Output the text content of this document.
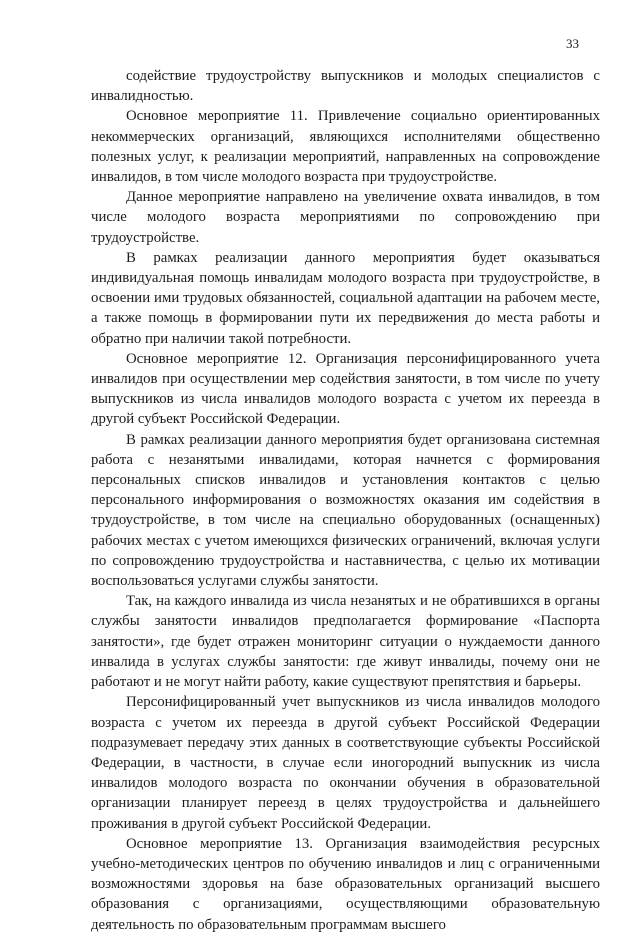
33

содействие трудоустройству выпускников и молодых специалистов с инвалидностью.

Основное мероприятие 11. Привлечение социально ориентированных некоммерческих организаций, являющихся исполнителями общественно полезных услуг, к реализации мероприятий, направленных на сопровождение инвалидов, в том числе молодого возраста при трудоустройстве.

Данное мероприятие направлено на увеличение охвата инвалидов, в том числе молодого возраста мероприятиями по сопровождению при трудоустройстве.

В рамках реализации данного мероприятия будет оказываться индивидуальная помощь инвалидам молодого возраста при трудоустройстве, в освоении ими трудовых обязанностей, социальной адаптации на рабочем месте, а также помощь в формировании пути их передвижения до места работы и обратно при наличии такой потребности.

Основное мероприятие 12. Организация персонифицированного учета инвалидов при осуществлении мер содействия занятости, в том числе по учету выпускников из числа инвалидов молодого возраста с учетом их переезда в другой субъект Российской Федерации.

В рамках реализации данного мероприятия будет организована системная работа с незанятыми инвалидами, которая начнется с формирования персональных списков инвалидов и установления контактов с целью персонального информирования о возможностях оказания им содействия в трудоустройстве, в том числе на специально оборудованных (оснащенных) рабочих местах с учетом имеющихся физических ограничений, включая услуги по сопровождению трудоустройства и наставничества, с целью их мотивации воспользоваться услугами службы занятости.

Так, на каждого инвалида из числа незанятых и не обратившихся в органы службы занятости инвалидов предполагается формирование «Паспорта занятости», где будет отражен мониторинг ситуации о нуждаемости данного инвалида в услугах службы занятости: где живут инвалиды, почему они не работают и не могут найти работу, какие существуют препятствия и барьеры.

Персонифицированный учет выпускников из числа инвалидов молодого возраста с учетом их переезда в другой субъект Российской Федерации подразумевает передачу этих данных в соответствующие субъекты Российской Федерации, в частности, в случае если иногородний выпускник из числа инвалидов молодого возраста по окончании обучения в образовательной организации планирует переезд в целях трудоустройства и дальнейшего проживания в другой субъект Российской Федерации.

Основное мероприятие 13. Организация взаимодействия ресурсных учебно-методических центров по обучению инвалидов и лиц с ограниченными возможностями здоровья на базе образовательных организаций высшего образования с организациями, осуществляющими образовательную деятельность по образовательным программам высшего
